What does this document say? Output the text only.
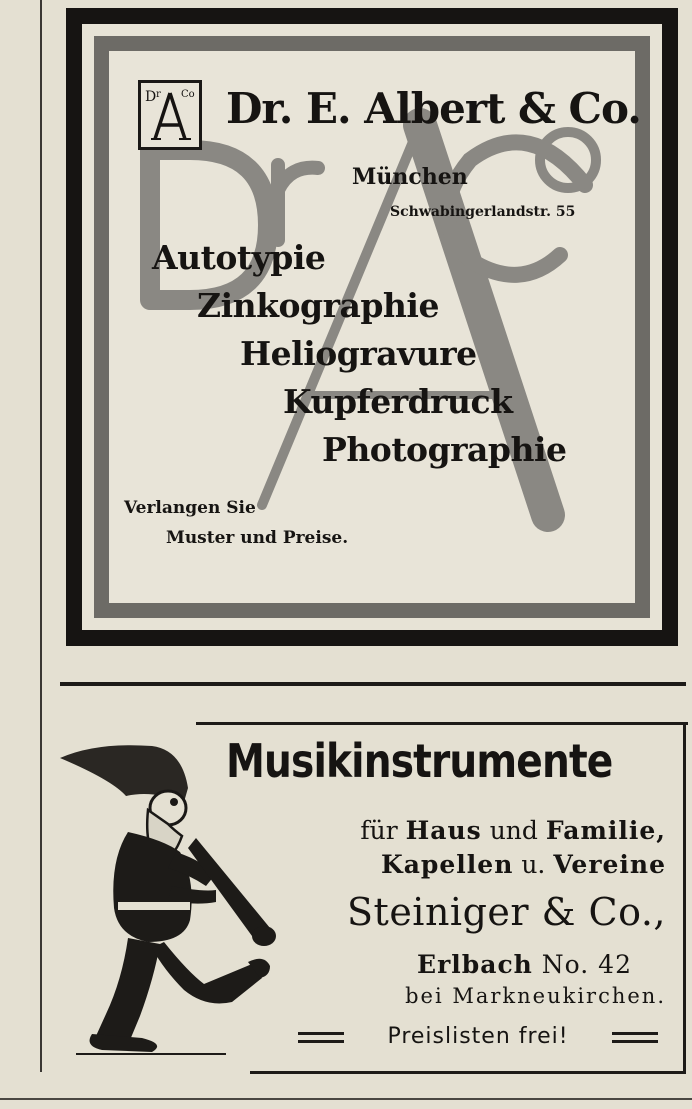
D r Co Dr. E. Albert & Co.
München
Schwabingerlandstr. 55
Autotypie
Zinkographie
Heliogravure
Kupferdruck
Photographie
Verlangen Sie
Muster und Preise.
Musikinstrumente
für Haus und Familie,
Kapellen u. Vereine
Steiniger & Co.,
Erlbach No. 42
bei Markneukirchen.
Preislisten frei!
